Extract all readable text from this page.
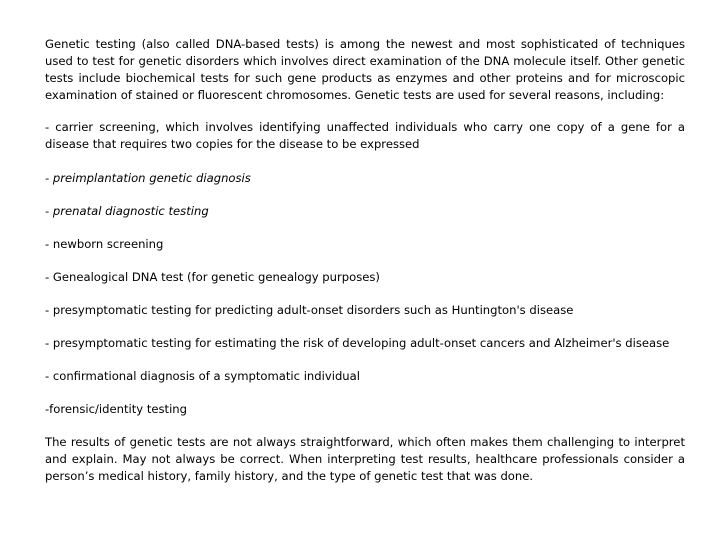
Genetic testing (also called DNA-based tests) is among the newest and most sophisticated of techniques used to test for genetic disorders which involves direct examination of the DNA molecule itself. Other genetic tests include biochemical tests for such gene products as enzymes and other proteins and for microscopic examination of stained or fluorescent chromosomes. Genetic tests are used for several reasons, including:

- carrier screening, which involves identifying unaffected individuals who carry one copy of a gene for a disease that requires two copies for the disease to be expressed

- preimplantation genetic diagnosis

- prenatal diagnostic testing

- newborn screening

- Genealogical DNA test (for genetic genealogy purposes)

- presymptomatic testing for predicting adult-onset disorders such as Huntington's disease

- presymptomatic testing for estimating the risk of developing adult-onset cancers and Alzheimer's disease

- confirmational diagnosis of a symptomatic individual

-forensic/identity testing

The results of genetic tests are not always straightforward, which often makes them challenging to interpret and explain. May not always be correct. When interpreting test results, healthcare professionals consider a person’s medical history, family history, and the type of genetic test that was done.
